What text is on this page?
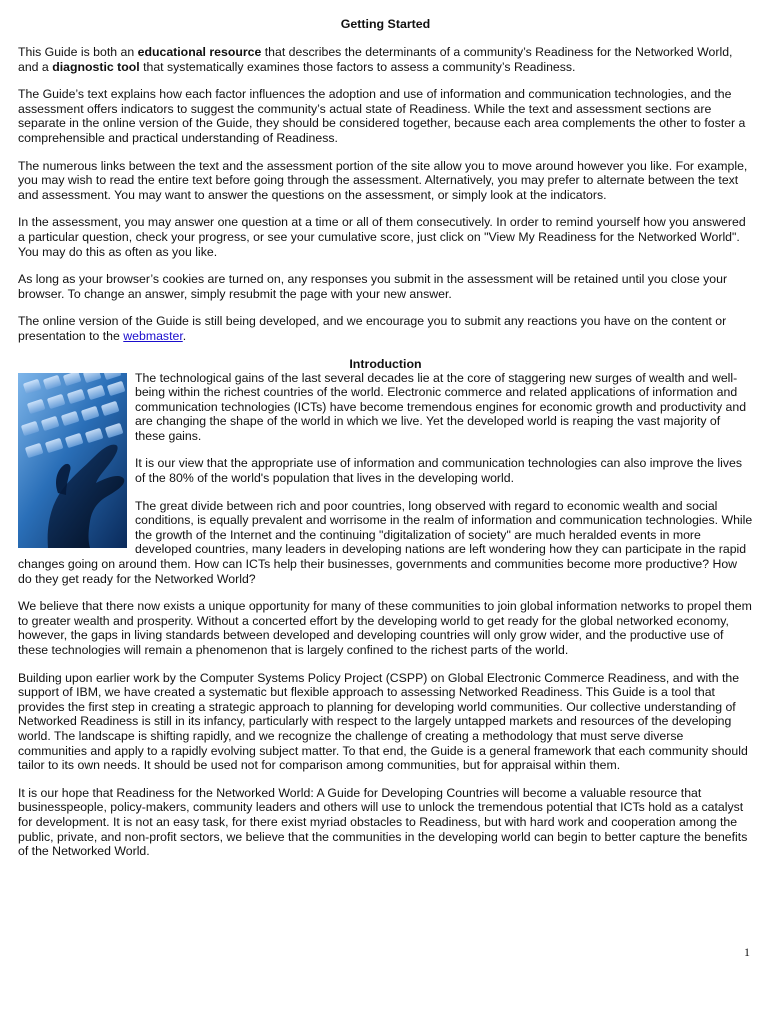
Getting Started

This Guide is both an educational resource that describes the determinants of a community’s Readiness for the Networked World, and a diagnostic tool that systematically examines those factors to assess a community’s Readiness.

The Guide’s text explains how each factor influences the adoption and use of information and communication technologies, and the assessment offers indicators to suggest the community’s actual state of Readiness. While the text and assessment sections are separate in the online version of the Guide, they should be considered together, because each area complements the other to foster a comprehensible and practical understanding of Readiness.

The numerous links between the text and the assessment portion of the site allow you to move around however you like. For example, you may wish to read the entire text before going through the assessment. Alternatively, you may prefer to alternate between the text and assessment. You may want to answer the questions on the assessment, or simply look at the indicators.

In the assessment, you may answer one question at a time or all of them consecutively. In order to remind yourself how you answered a particular question, check your progress, or see your cumulative score, just click on "View My Readiness for the Networked World". You may do this as often as you like.

As long as your browser’s cookies are turned on, any responses you submit in the assessment will be retained until you close your browser. To change an answer, simply resubmit the page with your new answer.

The online version of the Guide is still being developed, and we encourage you to submit any reactions you have on the content or presentation to the webmaster.

Introduction

The technological gains of the last several decades lie at the core of staggering new surges of wealth and well-being within the richest countries of the world. Electronic commerce and related applications of information and communication technologies (ICTs) have become tremendous engines for economic growth and productivity and are changing the shape of the world in which we live. Yet the developed world is reaping the vast majority of these gains.

It is our view that the appropriate use of information and communication technologies can also improve the lives of the 80% of the world's population that lives in the developing world.

The great divide between rich and poor countries, long observed with regard to economic wealth and social conditions, is equally prevalent and worrisome in the realm of information and communication technologies. While the growth of the Internet and the continuing "digitalization of society" are much heralded events in more developed countries, many leaders in developing nations are left wondering how they can participate in the rapid changes going on around them. How can ICTs help their businesses, governments and communities become more productive? How do they get ready for the Networked World?

We believe that there now exists a unique opportunity for many of these communities to join global information networks to propel them to greater wealth and prosperity. Without a concerted effort by the developing world to get ready for the global networked economy, however, the gaps in living standards between developed and developing countries will only grow wider, and the productive use of these technologies will remain a phenomenon that is largely confined to the richest parts of the world.

Building upon earlier work by the Computer Systems Policy Project (CSPP) on Global Electronic Commerce Readiness, and with the support of IBM, we have created a systematic but flexible approach to assessing Networked Readiness. This Guide is a tool that provides the first step in creating a strategic approach to planning for developing world communities. Our collective understanding of Networked Readiness is still in its infancy, particularly with respect to the largely untapped markets and resources of the developing world. The landscape is shifting rapidly, and we recognize the challenge of creating a methodology that must serve diverse communities and apply to a rapidly evolving subject matter. To that end, the Guide is a general framework that each community should tailor to its own needs. It should be used not for comparison among communities, but for appraisal within them.

It is our hope that Readiness for the Networked World: A Guide for Developing Countries will become a valuable resource that businesspeople, policy-makers, community leaders and others will use to unlock the tremendous potential that ICTs hold as a catalyst for development. It is not an easy task, for there exist myriad obstacles to Readiness, but with hard work and cooperation among the public, private, and non-profit sectors, we believe that the communities in the developing world can begin to better capture the benefits of the Networked World.

1
